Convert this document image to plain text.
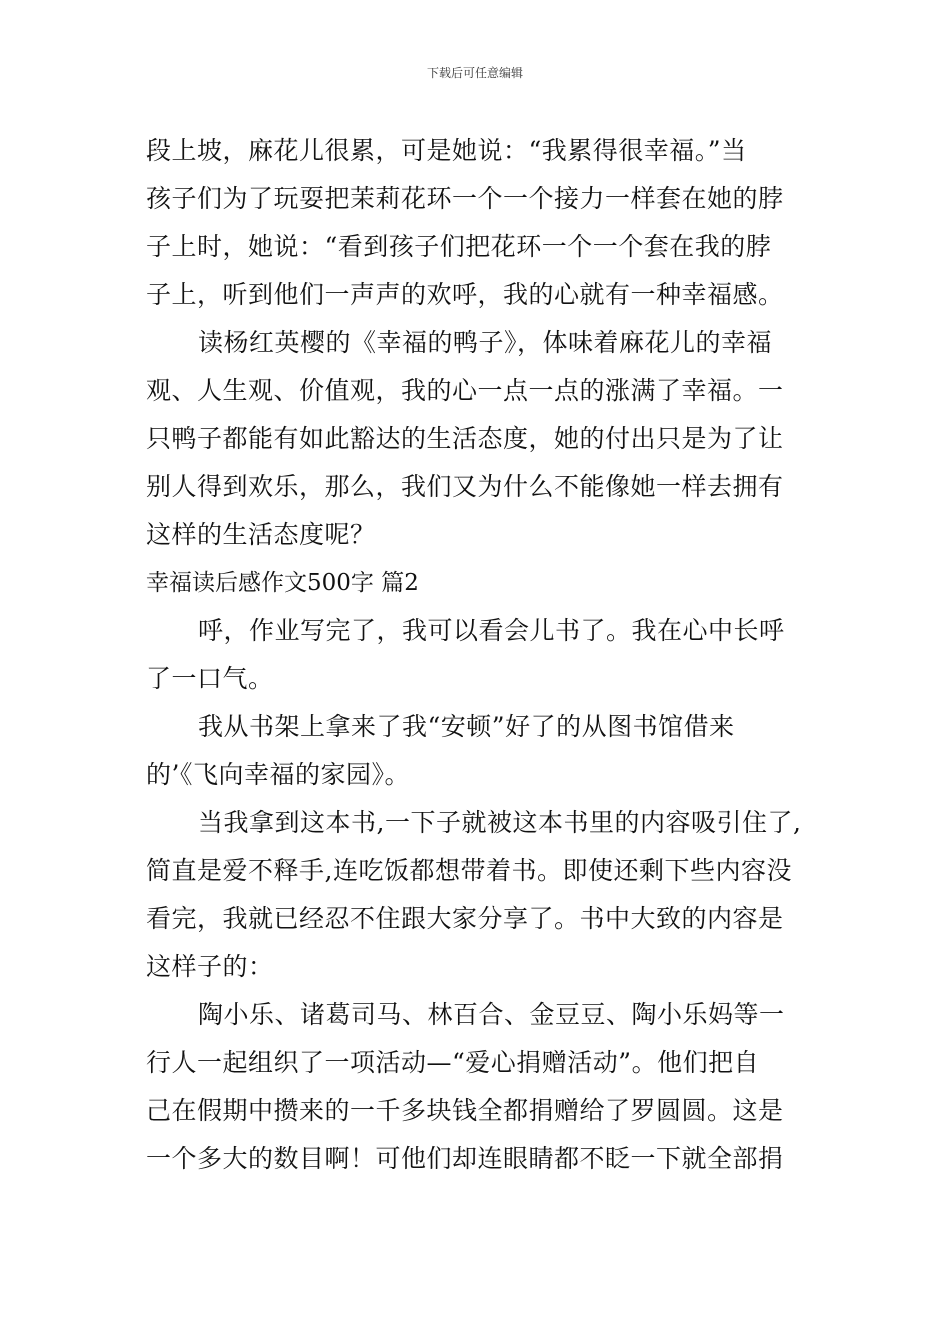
下载后可任意编辑

段上坡，麻花儿很累，可是她说：“我累得很幸福。”当

孩子们为了玩耍把茉莉花环一个一个接力一样套在她的脖

子上时，她说：“看到孩子们把花环一个一个套在我的脖

子上，听到他们一声声的欢呼，我的心就有一种幸福感。

读杨红英樱的《幸福的鸭子》，体味着麻花儿的幸福

观、人生观、价值观，我的心一点一点的涨满了幸福。一

只鸭子都能有如此豁达的生活态度，她的付出只是为了让

别人得到欢乐，那么，我们又为什么不能像她一样去拥有

这样的生活态度呢？

幸福读后感作文500字 篇2

呼，作业写完了，我可以看会儿书了。我在心中长呼

了一口气。

我从书架上拿来了我“安顿”好了的从图书馆借来

的’《飞向幸福的家园》。

当我拿到这本书,一下子就被这本书里的内容吸引住了,

简直是爱不释手,连吃饭都想带着书。即使还剩下些内容没

看完，我就已经忍不住跟大家分享了。书中大致的内容是

这样子的：

陶小乐、诸葛司马、林百合、金豆豆、陶小乐妈等一

行人一起组织了一项活动—“爱心捐赠活动”。他们把自

己在假期中攒来的一千多块钱全都捐赠给了罗圆圆。这是

一个多大的数目啊！可他们却连眼睛都不眨一下就全部捐
